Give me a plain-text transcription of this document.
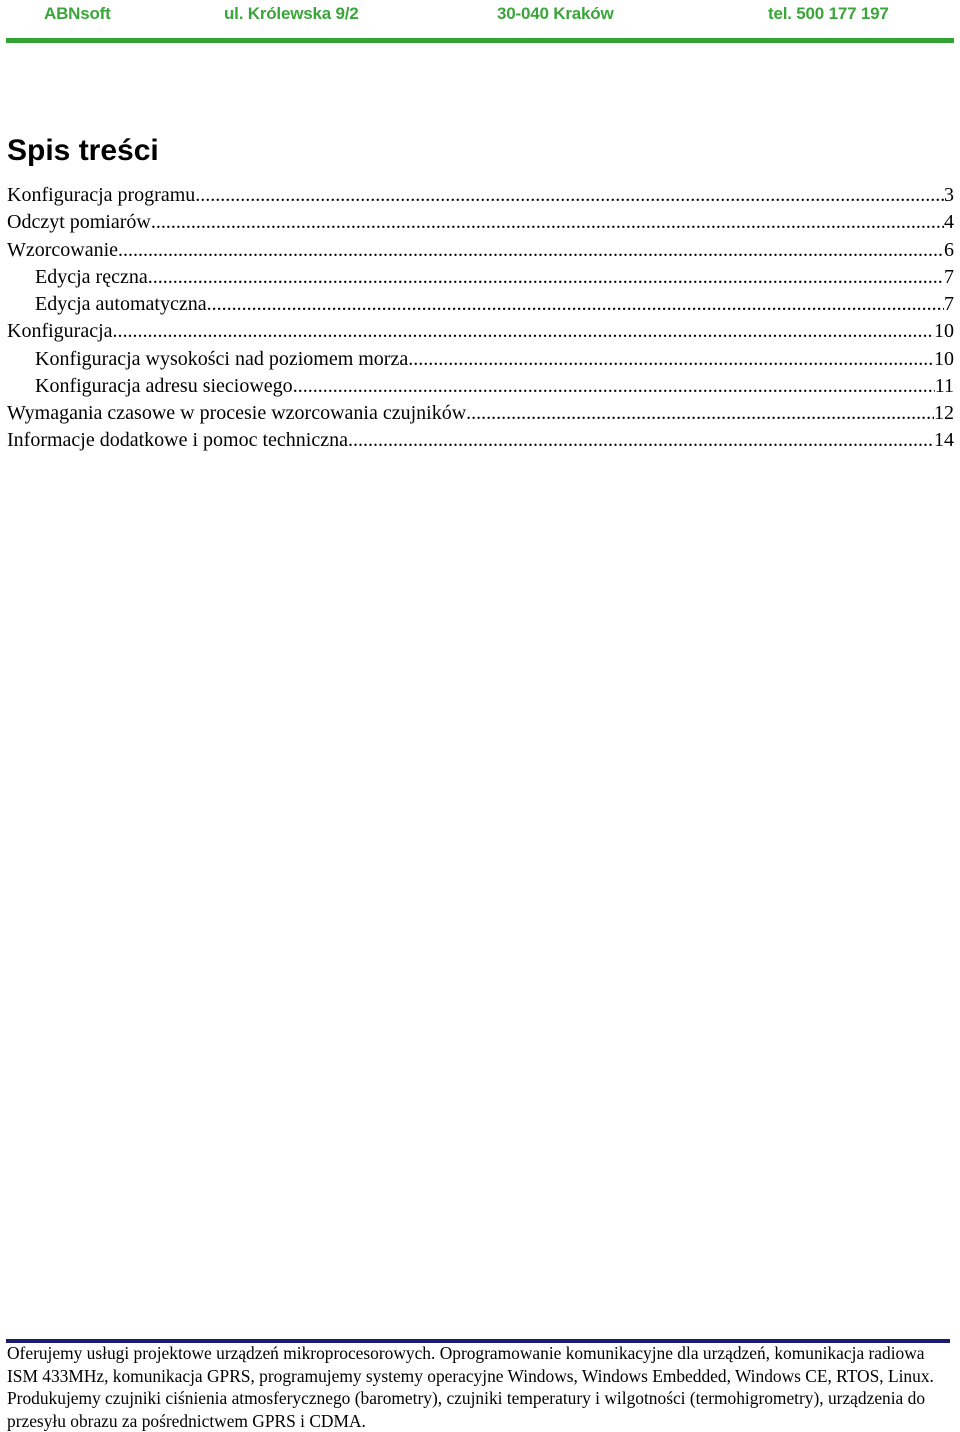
ABNsoft	ul. Królewska 9/2	30-040 Kraków	tel. 500 177 197
Spis treści
Konfiguracja programu .....	3
Odczyt pomiarów .....	4
Wzorcowanie .....	6
Edycja ręczna .....	7
Edycja automatyczna .....	7
Konfiguracja .....	10
Konfiguracja wysokości nad poziomem morza .....	10
Konfiguracja adresu sieciowego .....	11
Wymagania czasowe w procesie wzorcowania czujników .....	12
Informacje dodatkowe i pomoc techniczna .....	14

Oferujemy usługi projektowe urządzeń mikroprocesorowych. Oprogramowanie komunikacyjne dla urządzeń, komunikacja radiowa ISM 433MHz, komunikacja GPRS, programujemy systemy operacyjne Windows, Windows Embedded, Windows CE, RTOS, Linux. Produkujemy czujniki ciśnienia atmosferycznego (barometry), czujniki temperatury i wilgotności (termohigrometry), urządzenia do przesyłu obrazu za pośrednictwem GPRS i CDMA.
